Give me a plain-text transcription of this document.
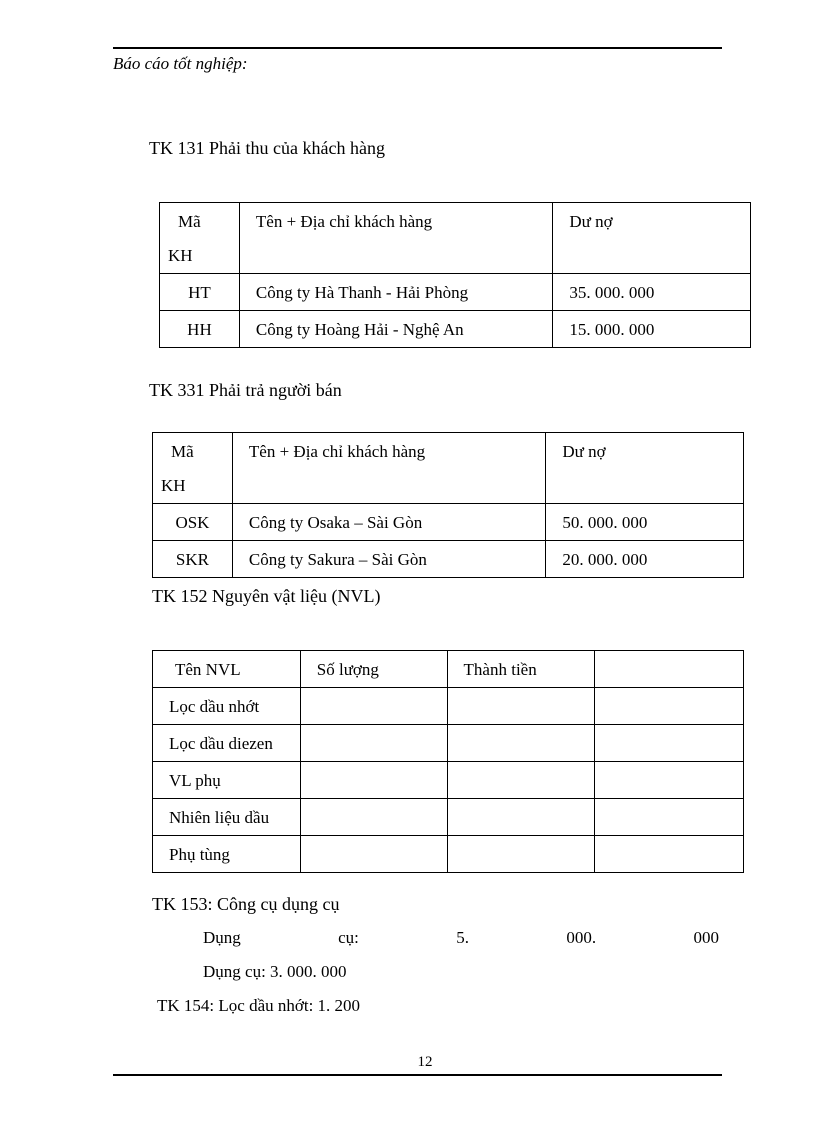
Báo cáo tốt nghiệp:
TK 131 Phải thu của khách hàng
Mã
KH	Tên + Địa chỉ khách hàng	Dư nợ

HT	Công ty Hà Thanh - Hải Phòng	35. 000. 000

HH	Công ty Hoàng Hải - Nghệ An	15. 000. 000
TK 331 Phải trả người bán
Mã
KH	Tên + Địa chỉ khách hàng	Dư nợ

OSK	Công ty Osaka – Sài Gòn	50. 000. 000

SKR	Công ty Sakura – Sài Gòn	20. 000. 000
TK 152 Nguyên vật liệu (NVL)
Tên NVL	Số lượng	Thành tiền	

Lọc dầu nhớt			

Lọc dầu diezen			

VL phụ			

Nhiên liệu dầu			

Phụ tùng			

TK 153: Công cụ dụng cụ
Dụng	cụ:	5.	000.	000
Dụng cụ: 3. 000. 000
TK 154: Lọc dầu nhớt: 1. 200
12
